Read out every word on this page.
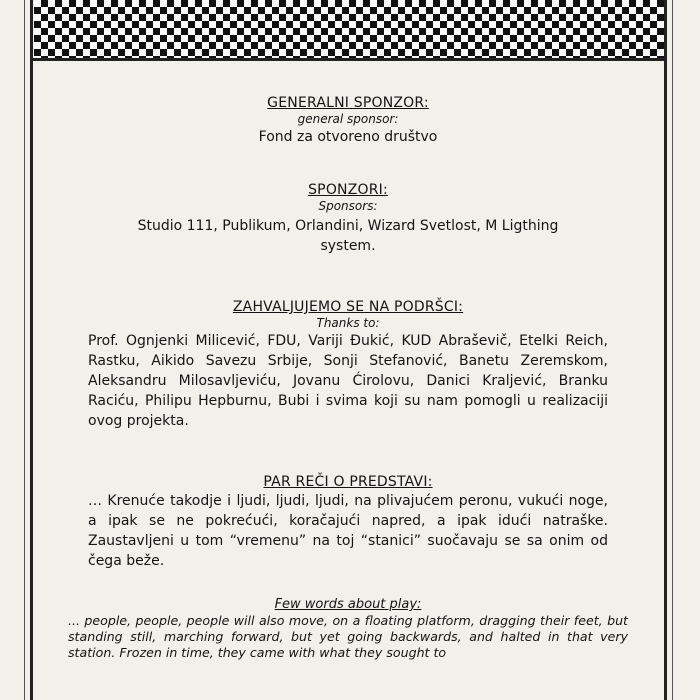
GENERALNI SPONZOR:
general sponsor:
Fond za otvoreno društvo
SPONZORI:
Sponsors:
Studio 111, Publikum, Orlandini, Wizard Svetlost, M Ligthing
system.
ZAHVALJUJEMO SE NA PODRŠCI:
Thanks to:
Prof. Ognjenki Milicević, FDU, Variji Đukić, KUD Abraševič, Etelki Reich, Rastku, Aikido Savezu Srbije, Sonji Stefanović, Banetu Zeremskom, Aleksandru Milosavljeviću, Jovanu Ćirolovu, Danici Kraljević, Branku Raciću, Philipu Hepburnu, Bubi i svima koji su nam pomogli u realizaciji ovog projekta.
PAR REČI O PREDSTAVI:
… Krenuće takodje i ljudi, ljudi, ljudi, na plivajućem peronu, vukući noge, a ipak se ne pokrećući, koračajući napred, a ipak idući natraške. Zaustavljeni u tom “vremenu” na toj “stanici” suočavaju se sa onim od čega beže.
Few words about play:
... people, people, people will also move, on a floating platform, dragging their feet, but standing still, marching forward, but yet going backwards, and halted in that very station. Frozen in time, they came with what they sought to
